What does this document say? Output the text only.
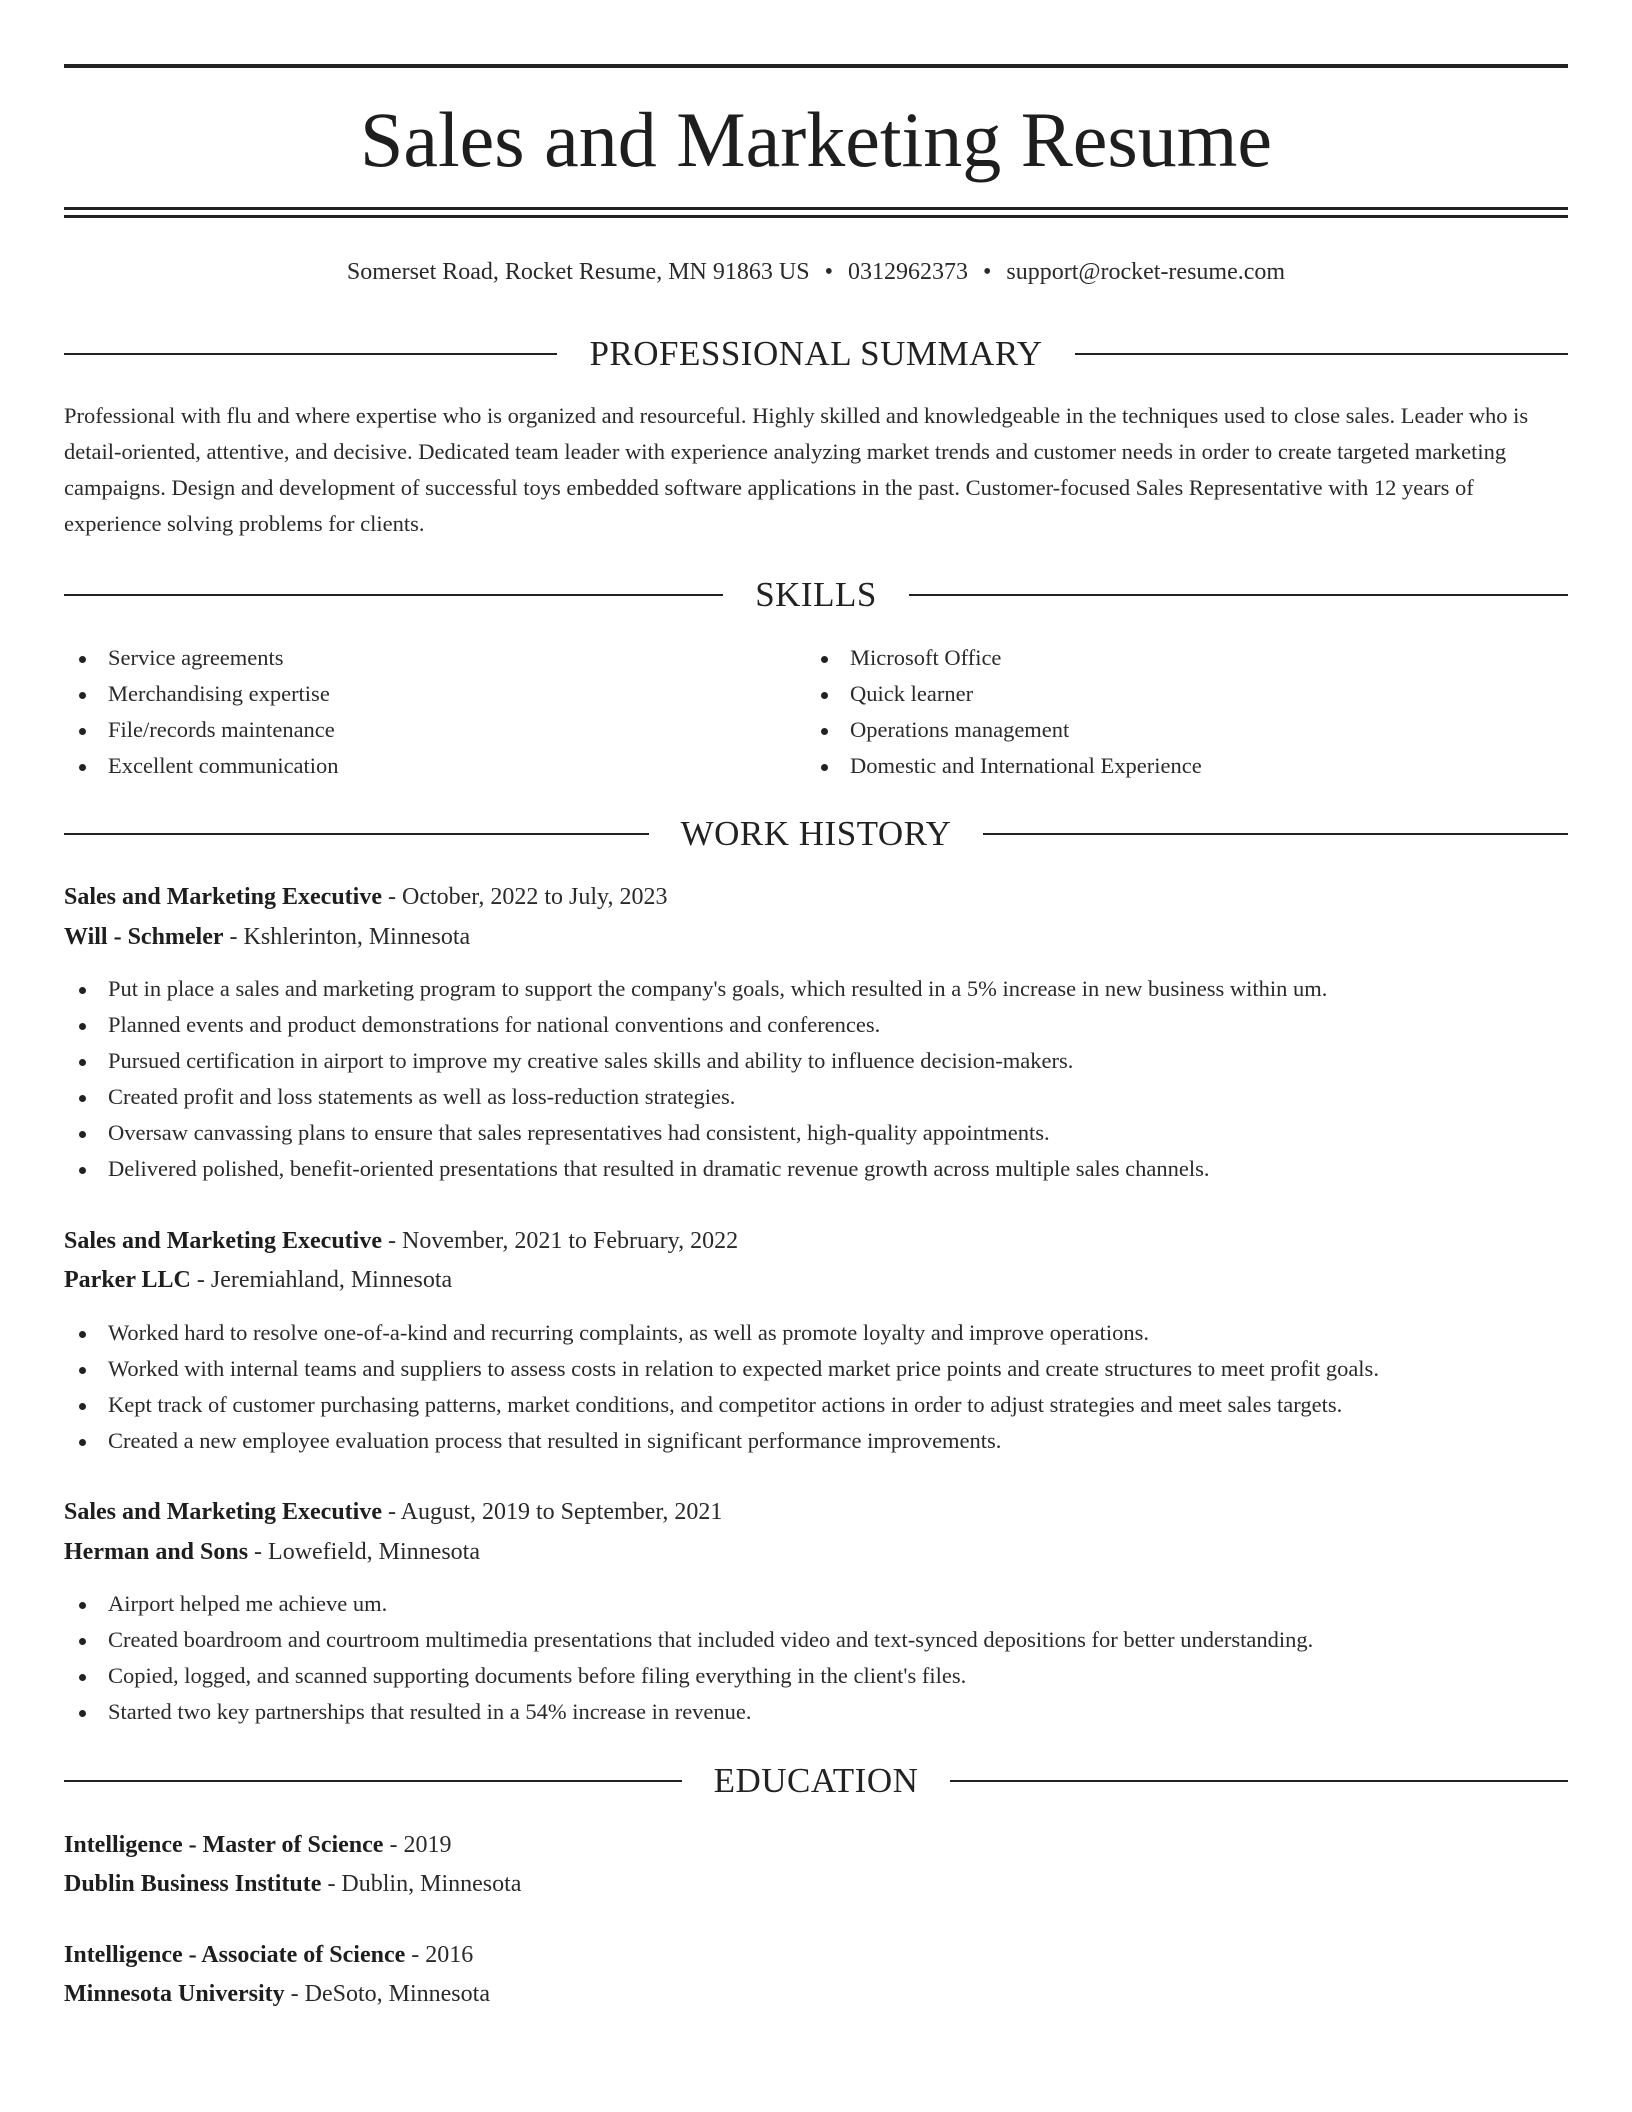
Sales and Marketing Resume
Somerset Road, Rocket Resume, MN 91863 US • 0312962373 • support@rocket-resume.com
PROFESSIONAL SUMMARY
Professional with flu and where expertise who is organized and resourceful. Highly skilled and knowledgeable in the techniques used to close sales. Leader who is detail-oriented, attentive, and decisive. Dedicated team leader with experience analyzing market trends and customer needs in order to create targeted marketing campaigns. Design and development of successful toys embedded software applications in the past. Customer-focused Sales Representative with 12 years of experience solving problems for clients.
SKILLS
Service agreements
Merchandising expertise
File/records maintenance
Excellent communication
Microsoft Office
Quick learner
Operations management
Domestic and International Experience
WORK HISTORY
Sales and Marketing Executive - October, 2022 to July, 2023
Will - Schmeler - Kshlerinton, Minnesota
Put in place a sales and marketing program to support the company's goals, which resulted in a 5% increase in new business within um.
Planned events and product demonstrations for national conventions and conferences.
Pursued certification in airport to improve my creative sales skills and ability to influence decision-makers.
Created profit and loss statements as well as loss-reduction strategies.
Oversaw canvassing plans to ensure that sales representatives had consistent, high-quality appointments.
Delivered polished, benefit-oriented presentations that resulted in dramatic revenue growth across multiple sales channels.
Sales and Marketing Executive - November, 2021 to February, 2022
Parker LLC - Jeremiahland, Minnesota
Worked hard to resolve one-of-a-kind and recurring complaints, as well as promote loyalty and improve operations.
Worked with internal teams and suppliers to assess costs in relation to expected market price points and create structures to meet profit goals.
Kept track of customer purchasing patterns, market conditions, and competitor actions in order to adjust strategies and meet sales targets.
Created a new employee evaluation process that resulted in significant performance improvements.
Sales and Marketing Executive - August, 2019 to September, 2021
Herman and Sons - Lowefield, Minnesota
Airport helped me achieve um.
Created boardroom and courtroom multimedia presentations that included video and text-synced depositions for better understanding.
Copied, logged, and scanned supporting documents before filing everything in the client's files.
Started two key partnerships that resulted in a 54% increase in revenue.
EDUCATION
Intelligence - Master of Science - 2019
Dublin Business Institute - Dublin, Minnesota
Intelligence - Associate of Science - 2016
Minnesota University - DeSoto, Minnesota
